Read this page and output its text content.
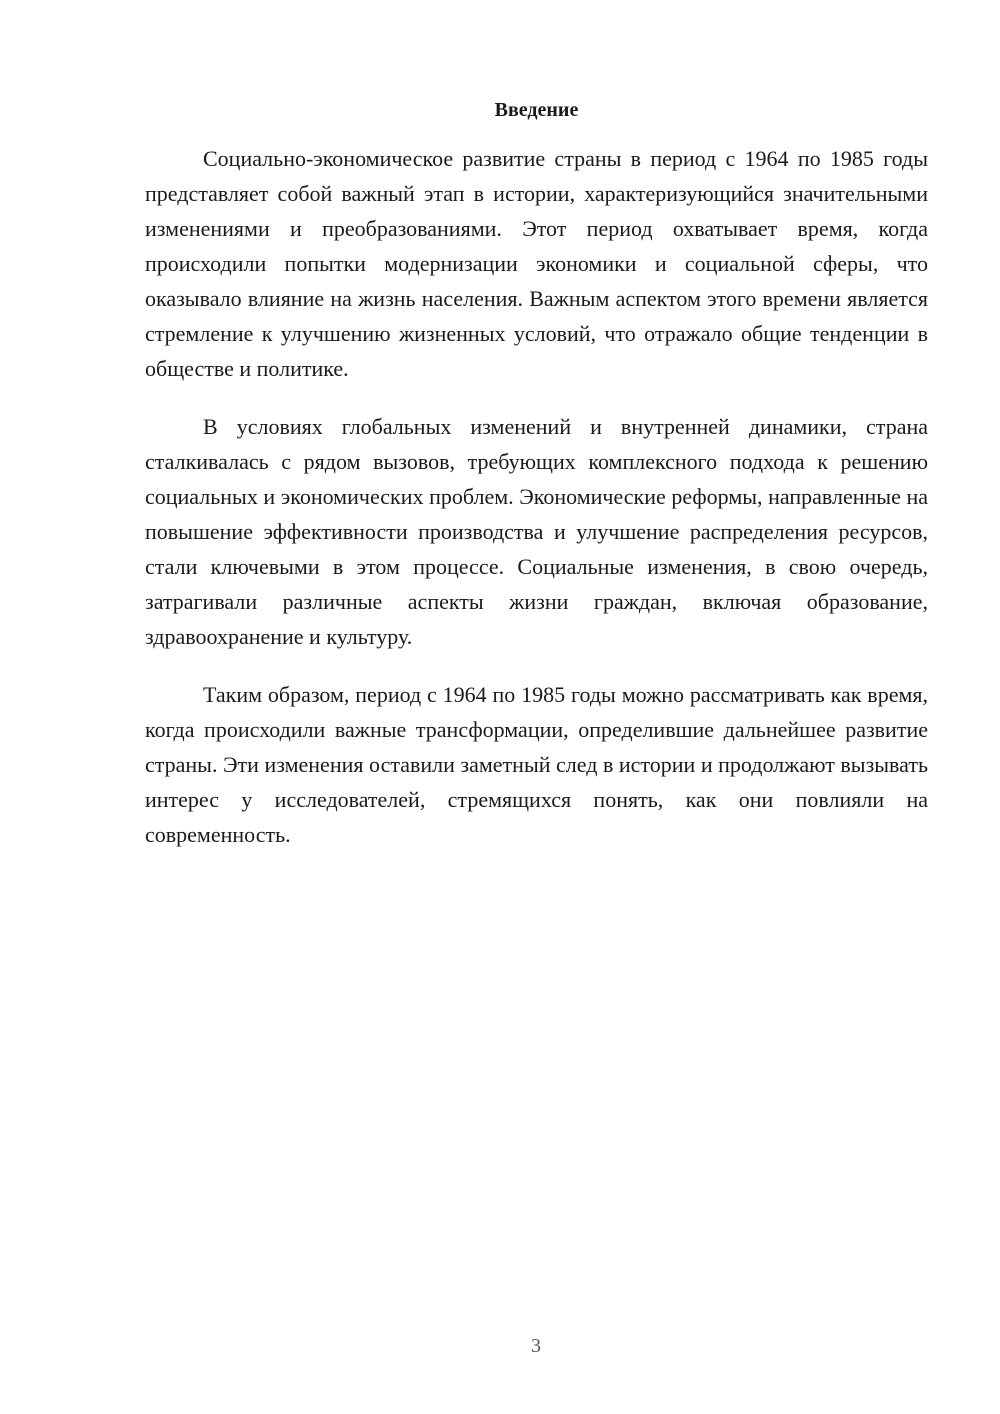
Введение

Социально-экономическое развитие страны в период с 1964 по 1985 годы представляет собой важный этап в истории, характеризующийся значительными изменениями и преобразованиями. Этот период охватывает время, когда происходили попытки модернизации экономики и социальной сферы, что оказывало влияние на жизнь населения. Важным аспектом этого времени является стремление к улучшению жизненных условий, что отражало общие тенденции в обществе и политике.

В условиях глобальных изменений и внутренней динамики, страна сталкивалась с рядом вызовов, требующих комплексного подхода к решению социальных и экономических проблем. Экономические реформы, направленные на повышение эффективности производства и улучшение распределения ресурсов, стали ключевыми в этом процессе. Социальные изменения, в свою очередь, затрагивали различные аспекты жизни граждан, включая образование, здравоохранение и культуру.

Таким образом, период с 1964 по 1985 годы можно рассматривать как время, когда происходили важные трансформации, определившие дальнейшее развитие страны. Эти изменения оставили заметный след в истории и продолжают вызывать интерес у исследователей, стремящихся понять, как они повлияли на современность.

3
